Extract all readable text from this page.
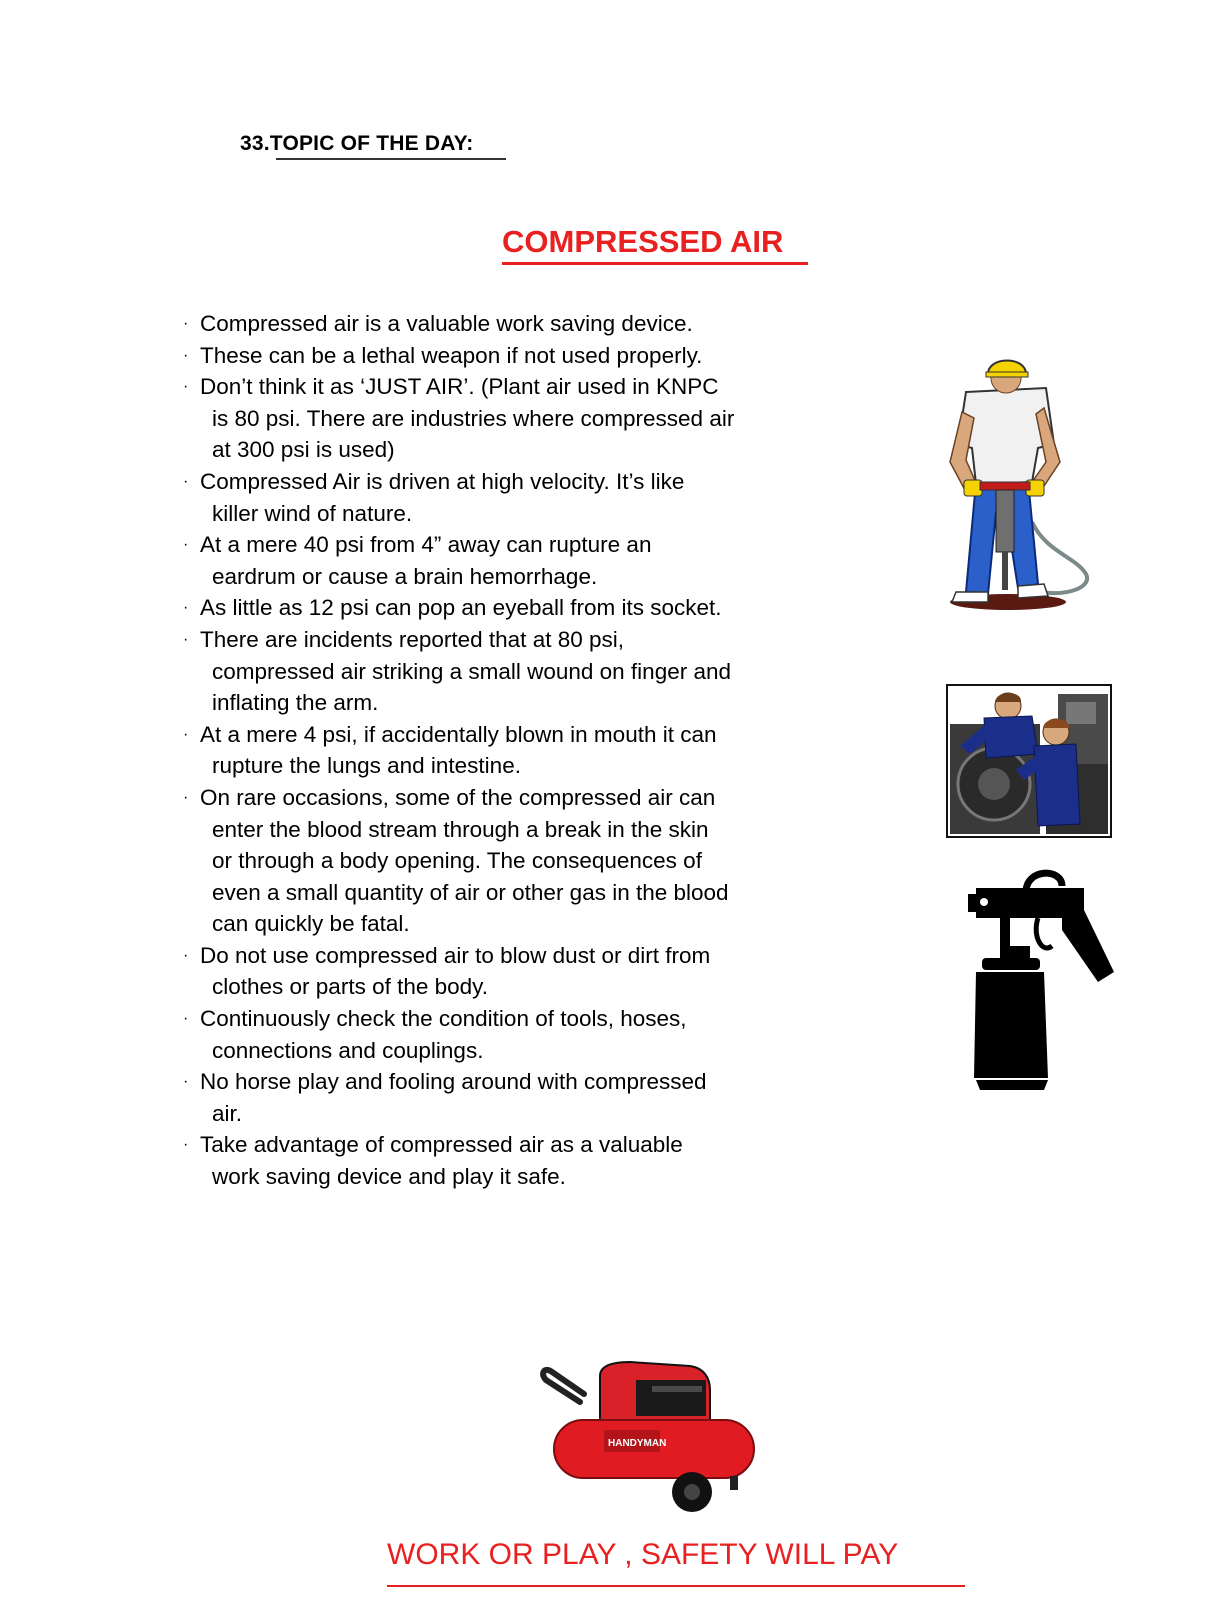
33.TOPIC OF THE DAY:
COMPRESSED AIR
· Compressed air is a valuable work saving device.
· These can be a lethal weapon if not used properly.
· Don’t think it as ‘JUST AIR’. (Plant air used in KNPC
is 80 psi. There are industries where compressed air
at 300 psi is used)
· Compressed Air is driven at high velocity. It’s like
killer wind of nature.
· At a mere 40 psi from 4” away can rupture an
eardrum or cause a brain hemorrhage.
· As little as 12 psi can pop an eyeball from its socket.
· There are incidents reported that at 80 psi,
compressed air striking a small wound on finger and
inflating the arm.
· At a mere 4 psi, if accidentally blown in mouth it can
rupture the lungs and intestine.
· On rare occasions, some of the compressed air can
enter the blood stream through a break in the skin
or through a body opening. The consequences of
even a small quantity of air or other gas in the blood
can quickly be fatal.
· Do not use compressed air to blow dust or dirt from
clothes or parts of the body.
· Continuously check the condition of tools, hoses,
connections and couplings.
· No horse play and fooling around with compressed
air.
· Take advantage of compressed air as a valuable
work saving device and play it safe.
HANDYMAN
WORK OR PLAY , SAFETY WILL PAY
